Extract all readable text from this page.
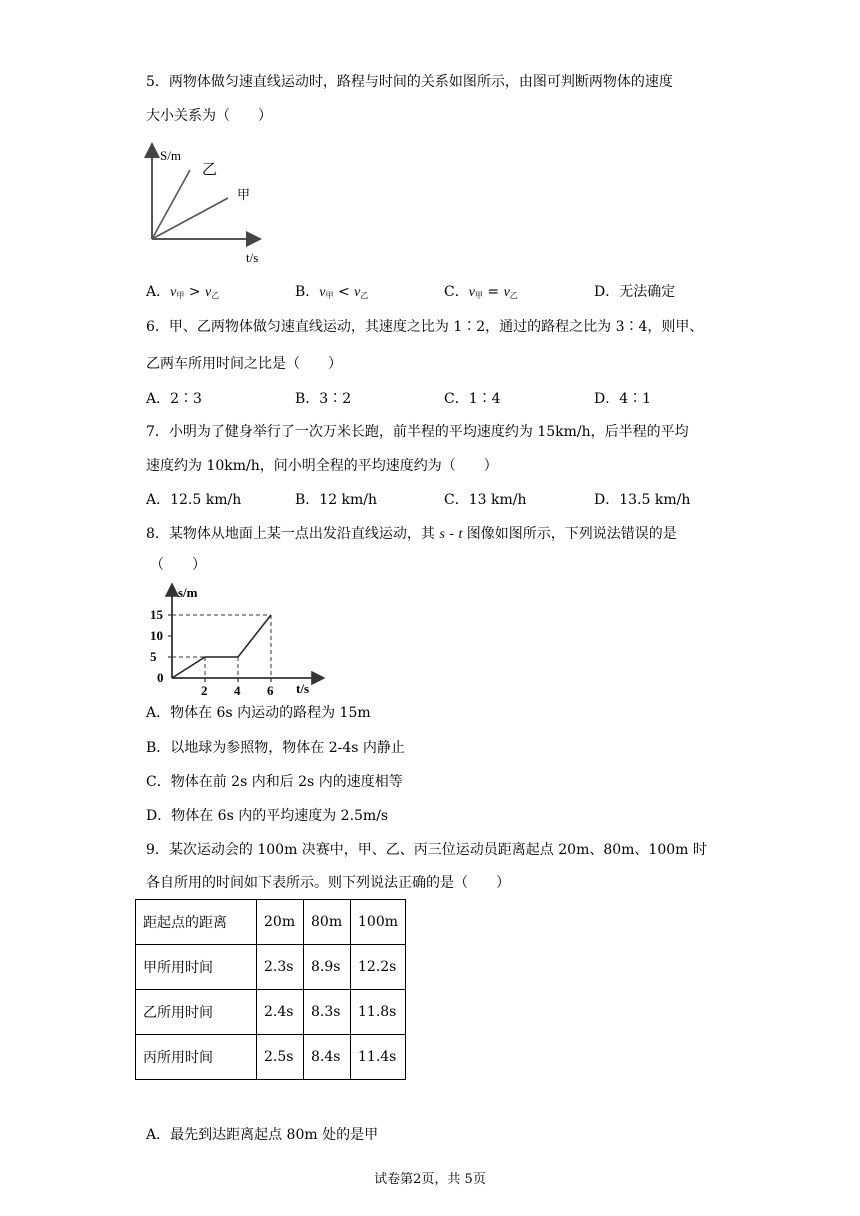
5．两物体做匀速直线运动时，路程与时间的关系如图所示，由图可判断两物体的速度
大小关系为（　　）
S/m
乙
甲
t/s
A．$v_甲 > v_乙$	B．$v_甲 < v_乙$	C．$v_甲 = v_乙$	D．无法确定
6．甲、乙两物体做匀速直线运动，其速度之比为 1∶2，通过的路程之比为 3∶4，则甲、
乙两车所用时间之比是（　　）
A．2∶3	B．3∶2	C．1∶4	D．4∶1
7．小明为了健身举行了一次万米长跑，前半程的平均速度约为 15km/h，后半程的平均
速度约为 10km/h，问小明全程的平均速度约为（　　）
A．12.5 km/h	B．12 km/h	C．13 km/h	D．13.5 km/h
8．某物体从地面上某一点出发沿直线运动，其 s - t 图像如图所示，下列说法错误的是
（　　）
s/m
t/s
0
5
10
15
2 4 6
A．物体在 6s 内运动的路程为 15m
B．以地球为参照物，物体在 2-4s 内静止
C．物体在前 2s 内和后 2s 内的速度相等
D．物体在 6s 内的平均速度为 2.5m/s
9．某次运动会的 100m 决赛中，甲、乙、丙三位运动员距离起点 20m、80m、100m 时
各自所用的时间如下表所示。则下列说法正确的是（　　）
距起点的距离	20m	80m	100m
甲所用时间	2.3s	8.9s	12.2s
乙所用时间	2.4s	8.3s	11.8s
丙所用时间	2.5s	8.4s	11.4s
A．最先到达距离起点 80m 处的是甲
试卷第2页，共 5页
